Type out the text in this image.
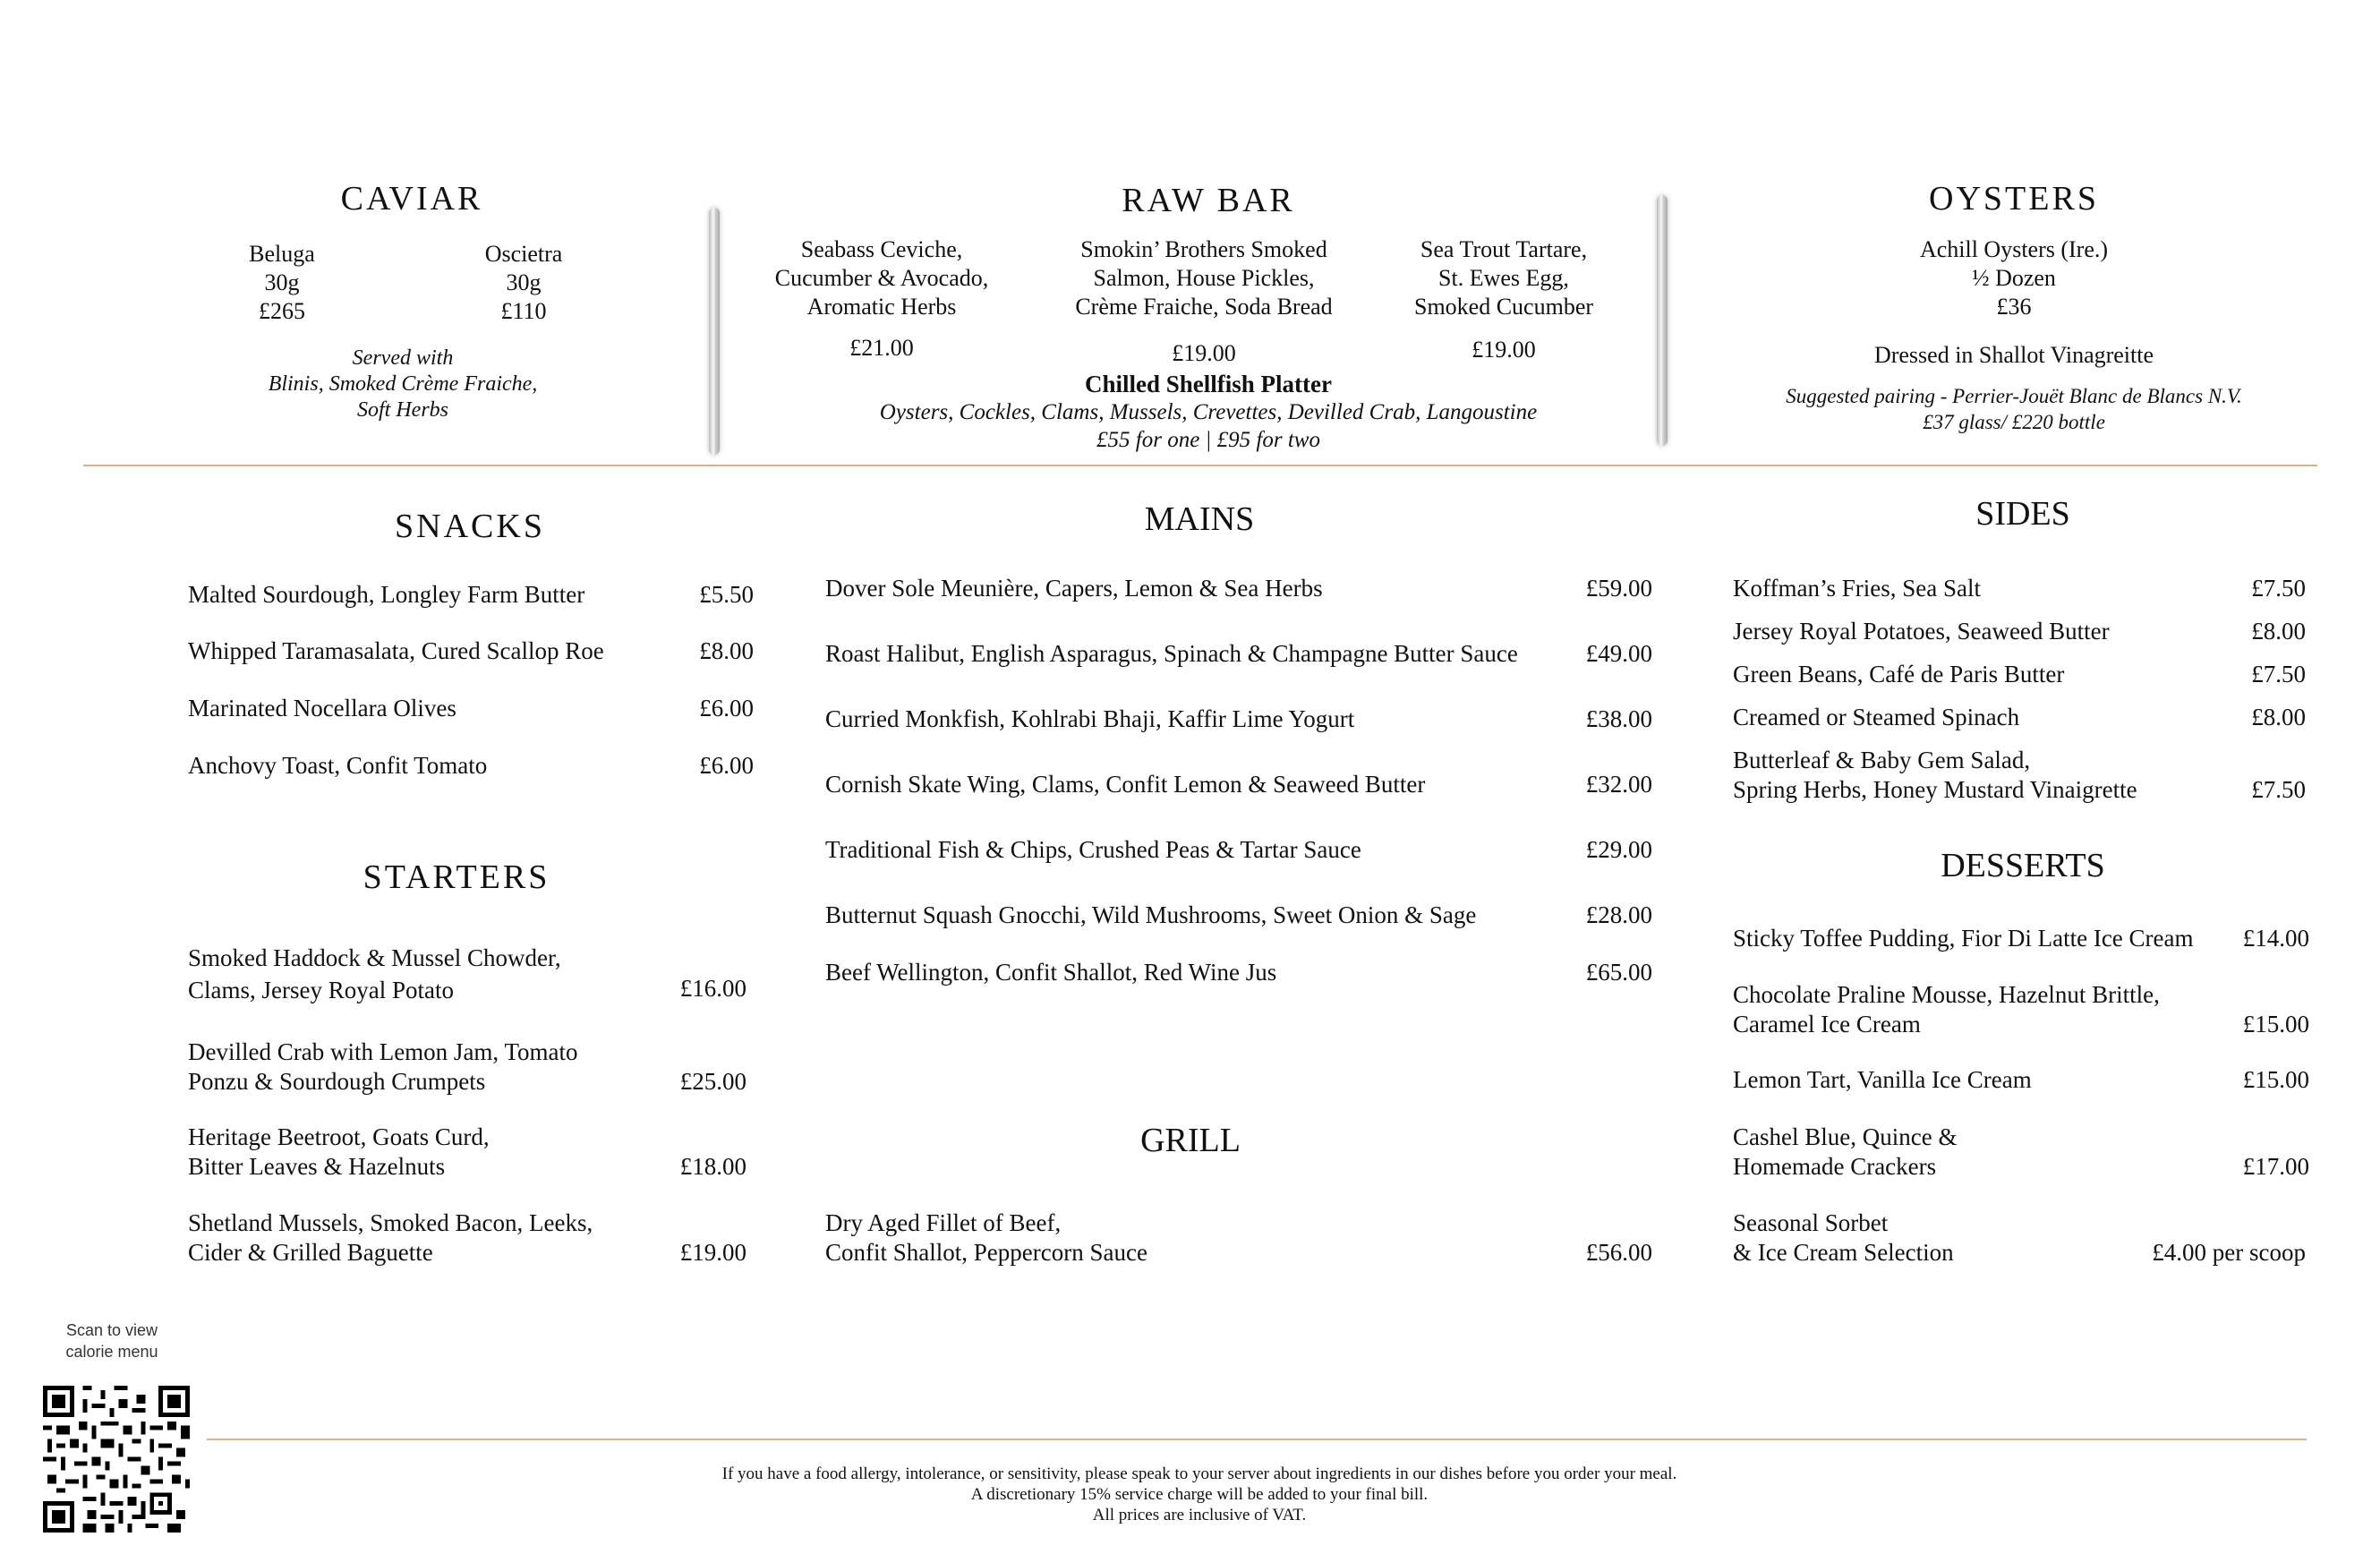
CAVIAR
Beluga
30g
£265
Oscietra
30g
£110
Served with
Blinis, Smoked Crème Fraiche,
Soft Herbs
RAW BAR
Seabass Ceviche,
Cucumber & Avocado,
Aromatic Herbs
£21.00
Smokin’ Brothers Smoked
Salmon, House Pickles,
Crème Fraiche, Soda Bread
£19.00
Sea Trout Tartare,
St. Ewes Egg,
Smoked Cucumber
£19.00
Chilled Shellfish Platter
Oysters, Cockles, Clams, Mussels, Crevettes, Devilled Crab, Langoustine
£55 for one | £95 for two
OYSTERS
Achill Oysters (Ire.)
½ Dozen
£36
Dressed in Shallot Vinagreitte
Suggested pairing - Perrier-Jouët Blanc de Blancs N.V.
£37 glass/ £220 bottle
SNACKS
Malted Sourdough, Longley Farm Butter	£5.50
Whipped Taramasalata, Cured Scallop Roe	£8.00
Marinated Nocellara Olives	£6.00
Anchovy Toast, Confit Tomato	£6.00
STARTERS
Smoked Haddock & Mussel Chowder,
Clams, Jersey Royal Potato	£16.00
Devilled Crab with Lemon Jam, Tomato
Ponzu & Sourdough Crumpets	£25.00
Heritage Beetroot, Goats Curd,
Bitter Leaves & Hazelnuts	£18.00
Shetland Mussels, Smoked Bacon, Leeks,
Cider & Grilled Baguette	£19.00
MAINS
Dover Sole Meunière, Capers, Lemon & Sea Herbs	£59.00
Roast Halibut, English Asparagus, Spinach & Champagne Butter Sauce	£49.00
Curried Monkfish, Kohlrabi Bhaji, Kaffir Lime Yogurt	£38.00
Cornish Skate Wing, Clams, Confit Lemon & Seaweed Butter	£32.00
Traditional Fish & Chips, Crushed Peas & Tartar Sauce	£29.00
Butternut Squash Gnocchi, Wild Mushrooms, Sweet Onion & Sage	£28.00
Beef Wellington, Confit Shallot, Red Wine Jus	£65.00
GRILL
Dry Aged Fillet of Beef,
Confit Shallot, Peppercorn Sauce	£56.00
SIDES
Koffman’s Fries, Sea Salt	£7.50
Jersey Royal Potatoes, Seaweed Butter	£8.00
Green Beans, Café de Paris Butter	£7.50
Creamed or Steamed Spinach	£8.00
Butterleaf & Baby Gem Salad,
Spring Herbs, Honey Mustard Vinaigrette	£7.50
DESSERTS
Sticky Toffee Pudding, Fior Di Latte Ice Cream £14.00
Chocolate Praline Mousse, Hazelnut Brittle,
Caramel Ice Cream	£15.00
Lemon Tart, Vanilla Ice Cream	£15.00
Cashel Blue, Quince &
Homemade Crackers	£17.00
Seasonal Sorbet
& Ice Cream Selection	£4.00 per scoop
Scan to view
calorie menu
If you have a food allergy, intolerance, or sensitivity, please speak to your server about ingredients in our dishes before you order your meal.
A discretionary 15% service charge will be added to your final bill.
All prices are inclusive of VAT.
